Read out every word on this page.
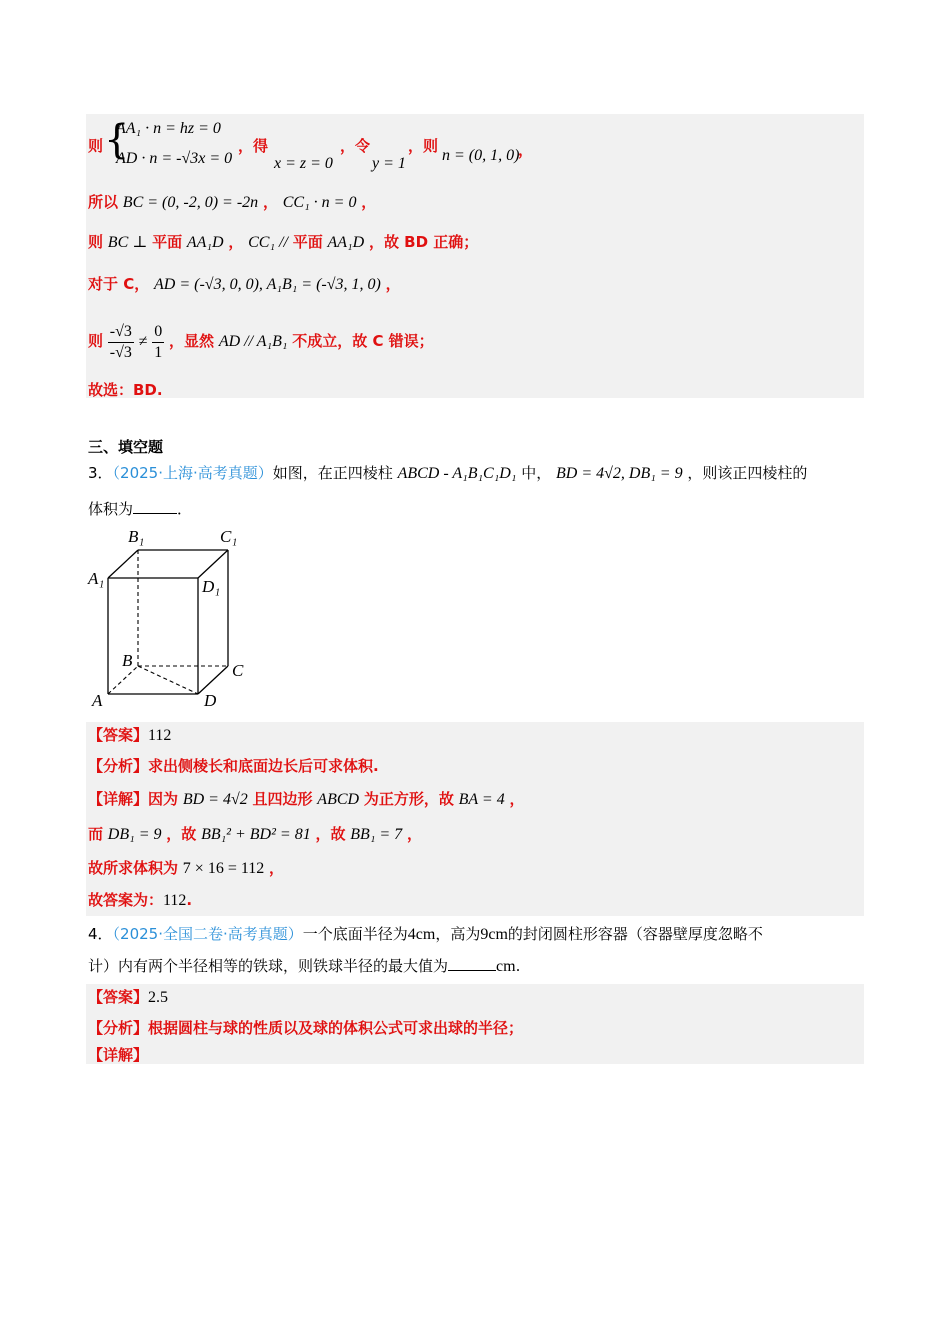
则 {
AA₁ · n = hz = 0
AD · n = -√3x = 0
，得
x = z = 0
，令
y = 1
，则
n = (0, 1, 0)
，
所以 BC = (0, -2, 0) = -2n ， CC₁ · n = 0 ，
则 BC ⊥ 平面 AA₁D ， CC₁ // 平面 AA₁D ，故 BD 正确；
对于 C， AD = (-√3, 0, 0), A₁B₁ = (-√3, 1, 0) ，
则 $\frac{-√3}{-√3} \ne \frac{0}{1}$ ，显然 AD // A₁B₁ 不成立，故 C 错误；
故选：BD.
三、填空题
3．（2025·上海·高考真题）如图，在正四棱柱 ABCD - A₁B₁C₁D₁ 中， BD = 4√2, DB₁ = 9 ，则该正四棱柱的
体积为	．
B₁	C₁
A₁	D₁
B
C
A	D
【答案】112
【分析】求出侧棱长和底面边长后可求体积.
【详解】因为 BD = 4√2 且四边形 ABCD 为正方形，故 BA = 4 ，
而 DB₁ = 9 ，故 BB₁² + BD² = 81 ，故 BB₁ = 7 ，
故所求体积为 7 × 16 = 112 ，
故答案为：112.
4．（2025·全国二卷·高考真题）一个底面半径为4cm，高为9cm的封闭圆柱形容器（容器壁厚度忽略不
计）内有两个半径相等的铁球，则铁球半径的最大值为	cm.
【答案】2.5
【分析】根据圆柱与球的性质以及球的体积公式可求出球的半径；
【详解】
